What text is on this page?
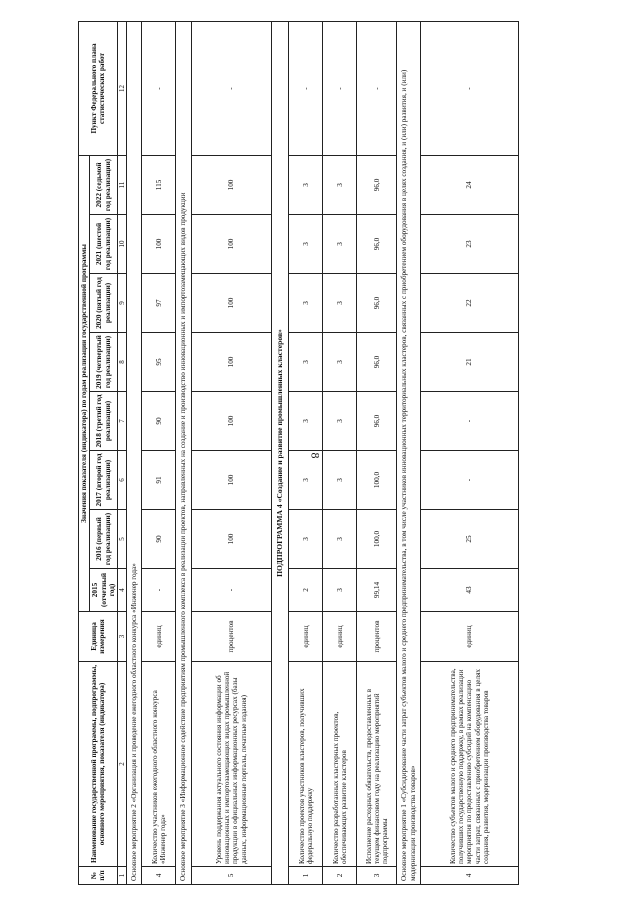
8
№ п/п	Наименование государственной программы, подпрограммы, основного мероприятия, показателя (индикатора)	Единица измерения	Значения показателя (индикатора) по годам реализации государственной программы								Пункт Федерального плана статистических работ
			2015 (отчетный год)	2016 (первый год реализации)	2017 (второй год реализации)	2018 (третий год реализации)	2019 (четвертый год реализации)	2020 (пятый год реализации)	2021 (шестой год реализации)	2022 (седьмой год реализации)	
1	2	3	4	5	6	7	8	9	10	11	12
Основное мероприятие 2 «Организация и проведение ежегодного областного конкурса «Инженер года»											
4	Количество участников ежегодного областного конкурса «Инженер года»	единиц	-	90	91	90	95	97	100	115	-
Основное мероприятие 3 «Информационное содействие предприятиям промышленного комплекса в реализации проектов, направленных на создание и производство инновационных и импортозамещающих видов продукции											
5	Уровень поддержания актуального состояния информации об инновационных и импортозамещающих видах промышленной продукции в официальных информационных ресурсах (базы данных, информационные порталы, печатные издания)	процентов	-	100	100	100	100	100	100	100	-
ПОДПРОГРАММА 4 «Создание и развитие промышленных кластеров»											
1	Количество проектов участников кластеров, получивших федеральную поддержку	единиц	2	3	3	3	3	3	3	3	-
2	Количество разработанных кластерных проектов, обеспечивающих развитие кластеров	единиц	3	3	3	3	3	3	3	3	-
3	Исполнение расходных обязательств, предоставленных в текущем финансовом году на реализацию мероприятий подпрограммы	процентов	99,14	100,0	100,0	96,0	96,0	96,0	96,0	96,0	-
Основное мероприятие 1 «Субсидирование части затрат субъектов малого и среднего предпринимательства, в том числе участников инновационных территориальных кластеров, связанных с приобретением оборудования в целях создания, и (или) развития, и (или) модернизации производства товаров»											
4	Количество субъектов малого и среднего предпринимательства, получивших государственную поддержку, в рамках реализации мероприятия по предоставлению субсидий на компенсацию части затрат, связанных с приобретением оборудования в целях создания, развития, модернизации производства товаров	единиц	43	25	-	-	21	22	23	24	-
